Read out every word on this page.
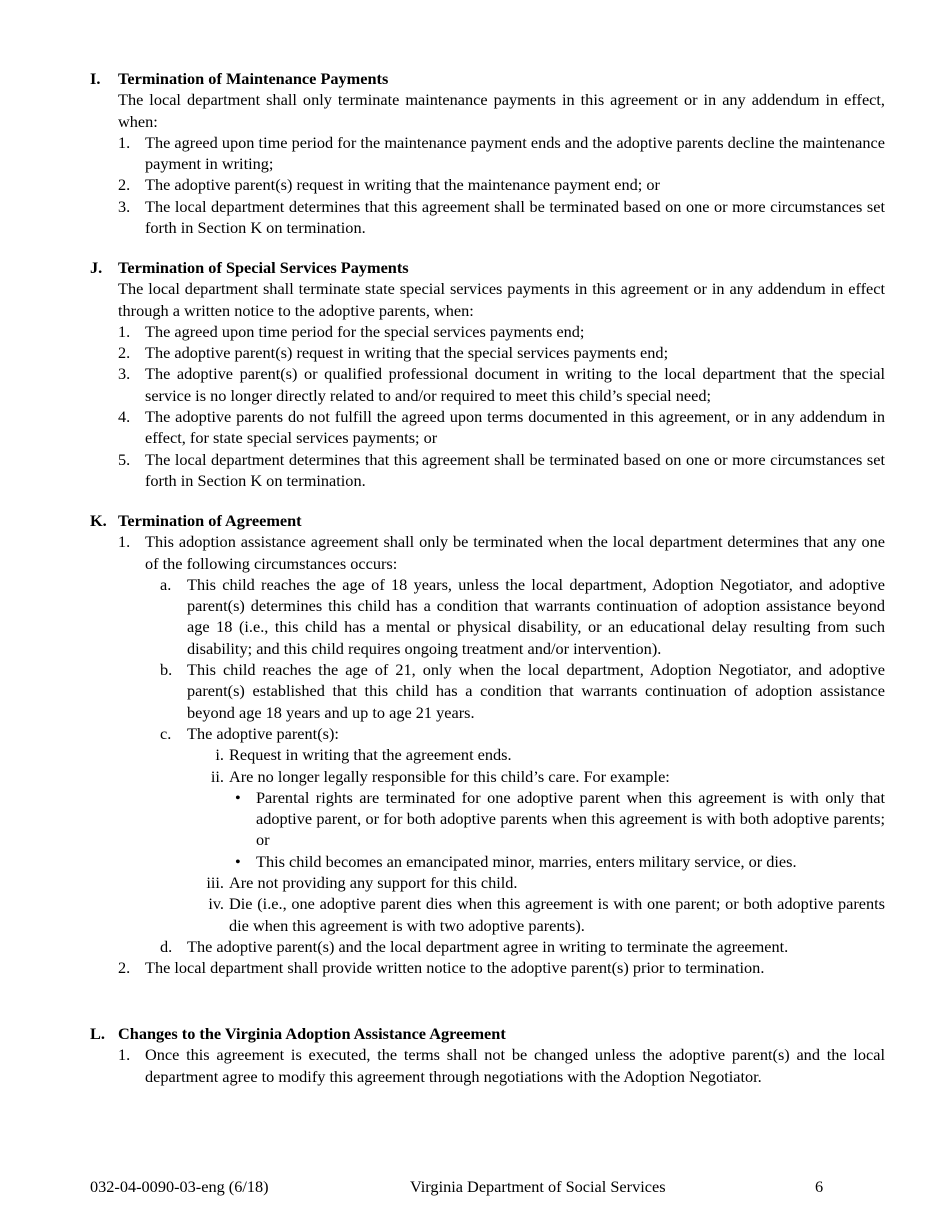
I.	Termination of Maintenance Payments
The local department shall only terminate maintenance payments in this agreement or in any addendum in effect, when:
1. The agreed upon time period for the maintenance payment ends and the adoptive parents decline the maintenance payment in writing;
2. The adoptive parent(s) request in writing that the maintenance payment end; or
3. The local department determines that this agreement shall be terminated based on one or more circumstances set forth in Section K on termination.
J. Termination of Special Services Payments
The local department shall terminate state special services payments in this agreement or in any addendum in effect through a written notice to the adoptive parents, when:
1. The agreed upon time period for the special services payments end;
2. The adoptive parent(s) request in writing that the special services payments end;
3. The adoptive parent(s) or qualified professional document in writing to the local department that the special service is no longer directly related to and/or required to meet this child’s special need;
4. The adoptive parents do not fulfill the agreed upon terms documented in this agreement, or in any addendum in effect, for state special services payments; or
5. The local department determines that this agreement shall be terminated based on one or more circumstances set forth in Section K on termination.
K. Termination of Agreement
1. This adoption assistance agreement shall only be terminated when the local department determines that any one of the following circumstances occurs:
a. This child reaches the age of 18 years, unless the local department, Adoption Negotiator, and adoptive parent(s) determines this child has a condition that warrants continuation of adoption assistance beyond age 18 (i.e., this child has a mental or physical disability, or an educational delay resulting from such disability; and this child requires ongoing treatment and/or intervention).
b. This child reaches the age of 21, only when the local department, Adoption Negotiator, and adoptive parent(s) established that this child has a condition that warrants continuation of adoption assistance beyond age 18 years and up to age 21 years.
c. The adoptive parent(s):
i. Request in writing that the agreement ends.
ii. Are no longer legally responsible for this child’s care. For example:
• Parental rights are terminated for one adoptive parent when this agreement is with only that adoptive parent, or for both adoptive parents when this agreement is with both adoptive parents; or
• This child becomes an emancipated minor, marries, enters military service, or dies.
iii. Are not providing any support for this child.
iv. Die (i.e., one adoptive parent dies when this agreement is with one parent; or both adoptive parents die when this agreement is with two adoptive parents).
d. The adoptive parent(s) and the local department agree in writing to terminate the agreement.
2. The local department shall provide written notice to the adoptive parent(s) prior to termination.
L. Changes to the Virginia Adoption Assistance Agreement
1. Once this agreement is executed, the terms shall not be changed unless the adoptive parent(s) and the local department agree to modify this agreement through negotiations with the Adoption Negotiator.
032-04-0090-03-eng (6/18)	Virginia Department of Social Services	6
